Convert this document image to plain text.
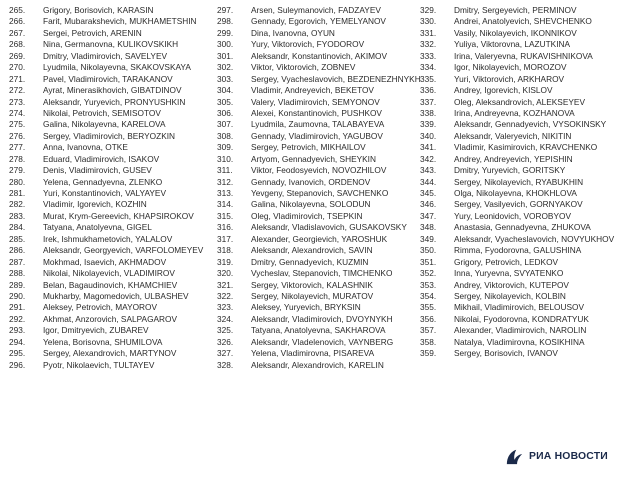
265.	Grigory, Borisovich, KARASIN
266.	Farit, Mubarakshevich, MUKHAMETSHIN
267.	Sergei, Petrovich, ARENIN
268.	Nina, Germanovna, KULIKOVSKIKH
269.	Dmitry, Vladimirovich, SAVELYEV
270.	Lyudmila, Nikolayevna, SKAKOVSKAYA
271.	Pavel, Vladimirovich, TARAKANOV
272.	Ayrat, Minerasikhovich, GIBATDINOV
273.	Aleksandr, Yuryevich, PRONYUSHKIN
274.	Nikolai, Petrovich, SEMISOTOV
275.	Galina, Nikolayevna, KARELOVA
276.	Sergey, Vladimirovich, BERYOZKIN
277.	Anna, Ivanovna, OTKE
278.	Eduard, Vladimirovich, ISAKOV
279.	Denis, Vladimirovich, GUSEV
280.	Yelena, Gennadyevna, ZLENKO
281.	Yuri, Konstantinovich, VALYAYEV
282.	Vladimir, Igorevich, KOZHIN
283.	Murat, Krym-Gereevich, KHAPSIROKOV
284.	Tatyana, Anatolyevna, GIGEL
285.	Irek, Ishmukhametovich, YALALOV
286.	Aleksandr, Georgyevich, VARFOLOMEYEV
287.	Mokhmad, Isaevich, AKHMADOV
288.	Nikolai, Nikolayevich, VLADIMIROV
289.	Belan, Bagaudinovich, KHAMCHIEV
290.	Mukharby, Magomedovich, ULBASHEV
291.	Aleksey, Petrovich, MAYOROV
292.	Akhmat, Anzorovich, SALPAGAROV
293.	Igor, Dmitryevich, ZUBAREV
294.	Yelena, Borisovna, SHUMILOVA
295.	Sergey, Alexandrovich, MARTYNOV
296.	Pyotr, Nikolaevich, TULTAYEV
297.	Arsen, Suleymanovich, FADZAYEV
298.	Gennady, Egorovich, YEMELYANOV
299.	Dina, Ivanovna, OYUN
300.	Yury, Viktorovich, FYODOROV
301.	Aleksandr, Konstantinovich, AKIMOV
302.	Viktor, Viktorovich, ZOBNEV
303.	Sergey, Vyacheslavovich, BEZDENEZHNYKH
304.	Vladimir, Andreyevich, BEKETOV
305.	Valery, Vladimirovich, SEMYONOV
306.	Alexei, Konstantinovich, PUSHKOV
307.	Lyudmila, Zaumovna, TALABAYEVA
308.	Gennady, Vladimirovich, YAGUBOV
309.	Sergey, Petrovich, MIKHAILOV
310.	Artyom, Gennadyevich, SHEYKIN
311.	Viktor, Feodosyevich, NOVOZHILOV
312.	Gennady, Ivanovich, ORDENOV
313.	Yevgeny, Stepanovich, SAVCHENKO
314.	Galina, Nikolayevna, SOLODUN
315.	Oleg, Vladimirovich, TSEPKIN
316.	Aleksandr, Vladislavovich, GUSAKOVSKY
317.	Alexander, Georgievich, YAROSHUK
318.	Aleksandr, Alexandrovich, SAVIN
319.	Dmitry, Gennadyevich, KUZMIN
320.	Vycheslav, Stepanovich, TIMCHENKO
321.	Sergey, Viktorovich, KALASHNIK
322.	Sergey, Nikolayevich, MURATOV
323.	Aleksey, Yuryevich, BRYKSIN
324.	Aleksandr, Vladimirovich, DVOYNYKH
325.	Tatyana, Anatolyevna, SAKHAROVA
326.	Aleksandr, Vladelenovich, VAYNBERG
327.	Yelena, Vladimirovna, PISAREVA
328.	Aleksandr, Alexandrovich, KARELIN
329.	Dmitry, Sergeyevich, PERMINOV
330.	Andrei, Anatolyevich, SHEVCHENKO
331.	Vasily, Nikolayevich, IKONNIKOV
332.	Yuliya, Viktorovna, LAZUTKINA
333.	Irina, Valeryevna, RUKAVISHNIKOVA
334.	Igor, Nikolayevich, MOROZOV
335.	Yuri, Viktorovich, ARKHAROV
336.	Andrey, Igorevich, KISLOV
337.	Oleg, Aleksandrovich, ALEKSEYEV
338.	Irina, Andreyevna, KOZHANOVA
339.	Aleksandr, Gennadyevich, VYSOKINSKY
340.	Aleksandr, Valeryevich, NIKITIN
341.	Vladimir, Kasimirovich, KRAVCHENKO
342.	Andrey, Andreyevich, YEPISHIN
343.	Dmitry, Yuryevich, GORITSKY
344.	Sergey, Nikolayevich, RYABUKHIN
345.	Olga, Nikolayevna, KHOKHLOVA
346.	Sergey, Vasilyevich, GORNYAKOV
347.	Yury, Leonidovich, VOROBYOV
348.	Anastasia, Gennadyevna, ZHUKOVA
349.	Aleksandr, Vyacheslavovich, NOVYUKHOV
350.	Rimma, Fyodorovna, GALUSHINA
351.	Grigory, Petrovich, LEDKOV
352.	Inna, Yuryevna, SVYATENKO
353.	Andrey, Viktorovich, KUTEPOV
354.	Sergey, Nikolayevich, KOLBIN
355.	Mikhail, Vladimirovich, BELOUSOV
356.	Nikolai, Fyodorovna, KONDRATYUK
357.	Alexander, Vladimirovich, NAROLIN
358.	Natalya, Vladimirovna, KOSIKHINA
359.	Sergey, Borisovich, IVANOV
РИА НОВОСТИ
